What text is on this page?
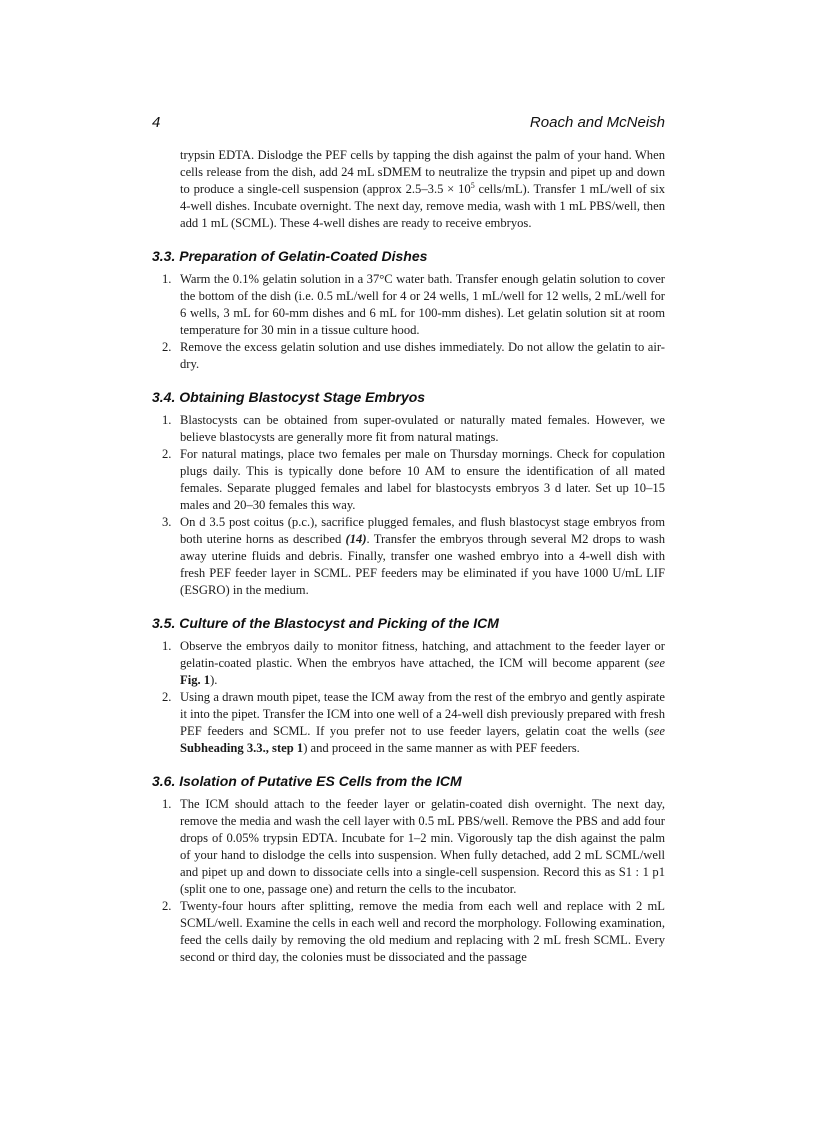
4	Roach and McNeish

trypsin EDTA. Dislodge the PEF cells by tapping the dish against the palm of your hand. When cells release from the dish, add 24 mL sDMEM to neutralize the trypsin and pipet up and down to produce a single-cell suspension (approx $2.5-3.5 \times 10^5$ cells/mL). Transfer 1 mL/well of six 4-well dishes. Incubate overnight. The next day, remove media, wash with 1 mL PBS/well, then add 1 mL (SCML). These 4-well dishes are ready to receive embryos.

3.3. Preparation of Gelatin-Coated Dishes
1. Warm the 0.1% gelatin solution in a 37°C water bath. Transfer enough gelatin solution to cover the bottom of the dish (i.e. 0.5 mL/well for 4 or 24 wells, 1 mL/well for 12 wells, 2 mL/well for 6 wells, 3 mL for 60-mm dishes and 6 mL for 100-mm dishes). Let gelatin solution sit at room temperature for 30 min in a tissue culture hood.
2. Remove the excess gelatin solution and use dishes immediately. Do not allow the gelatin to air-dry.
3.4. Obtaining Blastocyst Stage Embryos
1. Blastocysts can be obtained from super-ovulated or naturally mated females. However, we believe blastocysts are generally more fit from natural matings.
2. For natural matings, place two females per male on Thursday mornings. Check for copulation plugs daily. This is typically done before 10 AM to ensure the identification of all mated females. Separate plugged females and label for blastocysts embryos 3 d later. Set up 10–15 males and 20–30 females this way.
3. On d 3.5 post coitus (p.c.), sacrifice plugged females, and flush blastocyst stage embryos from both uterine horns as described (14). Transfer the embryos through several M2 drops to wash away uterine fluids and debris. Finally, transfer one washed embryo into a 4-well dish with fresh PEF feeder layer in SCML. PEF feeders may be eliminated if you have 1000 U/mL LIF (ESGRO) in the medium.
3.5. Culture of the Blastocyst and Picking of the ICM
1. Observe the embryos daily to monitor fitness, hatching, and attachment to the feeder layer or gelatin-coated plastic. When the embryos have attached, the ICM will become apparent (see Fig. 1).
2. Using a drawn mouth pipet, tease the ICM away from the rest of the embryo and gently aspirate it into the pipet. Transfer the ICM into one well of a 24-well dish previously prepared with fresh PEF feeders and SCML. If you prefer not to use feeder layers, gelatin coat the wells (see Subheading 3.3., step 1) and proceed in the same manner as with PEF feeders.
3.6. Isolation of Putative ES Cells from the ICM
1. The ICM should attach to the feeder layer or gelatin-coated dish overnight. The next day, remove the media and wash the cell layer with 0.5 mL PBS/well. Remove the PBS and add four drops of 0.05% trypsin EDTA. Incubate for 1–2 min. Vigorously tap the dish against the palm of your hand to dislodge the cells into suspension. When fully detached, add 2 mL SCML/well and pipet up and down to dissociate cells into a single-cell suspension. Record this as S1 : 1 p1 (split one to one, passage one) and return the cells to the incubator.
2. Twenty-four hours after splitting, remove the media from each well and replace with 2 mL SCML/well. Examine the cells in each well and record the morphology. Following examination, feed the cells daily by removing the old medium and replacing with 2 mL fresh SCML. Every second or third day, the colonies must be dissociated and the passage
